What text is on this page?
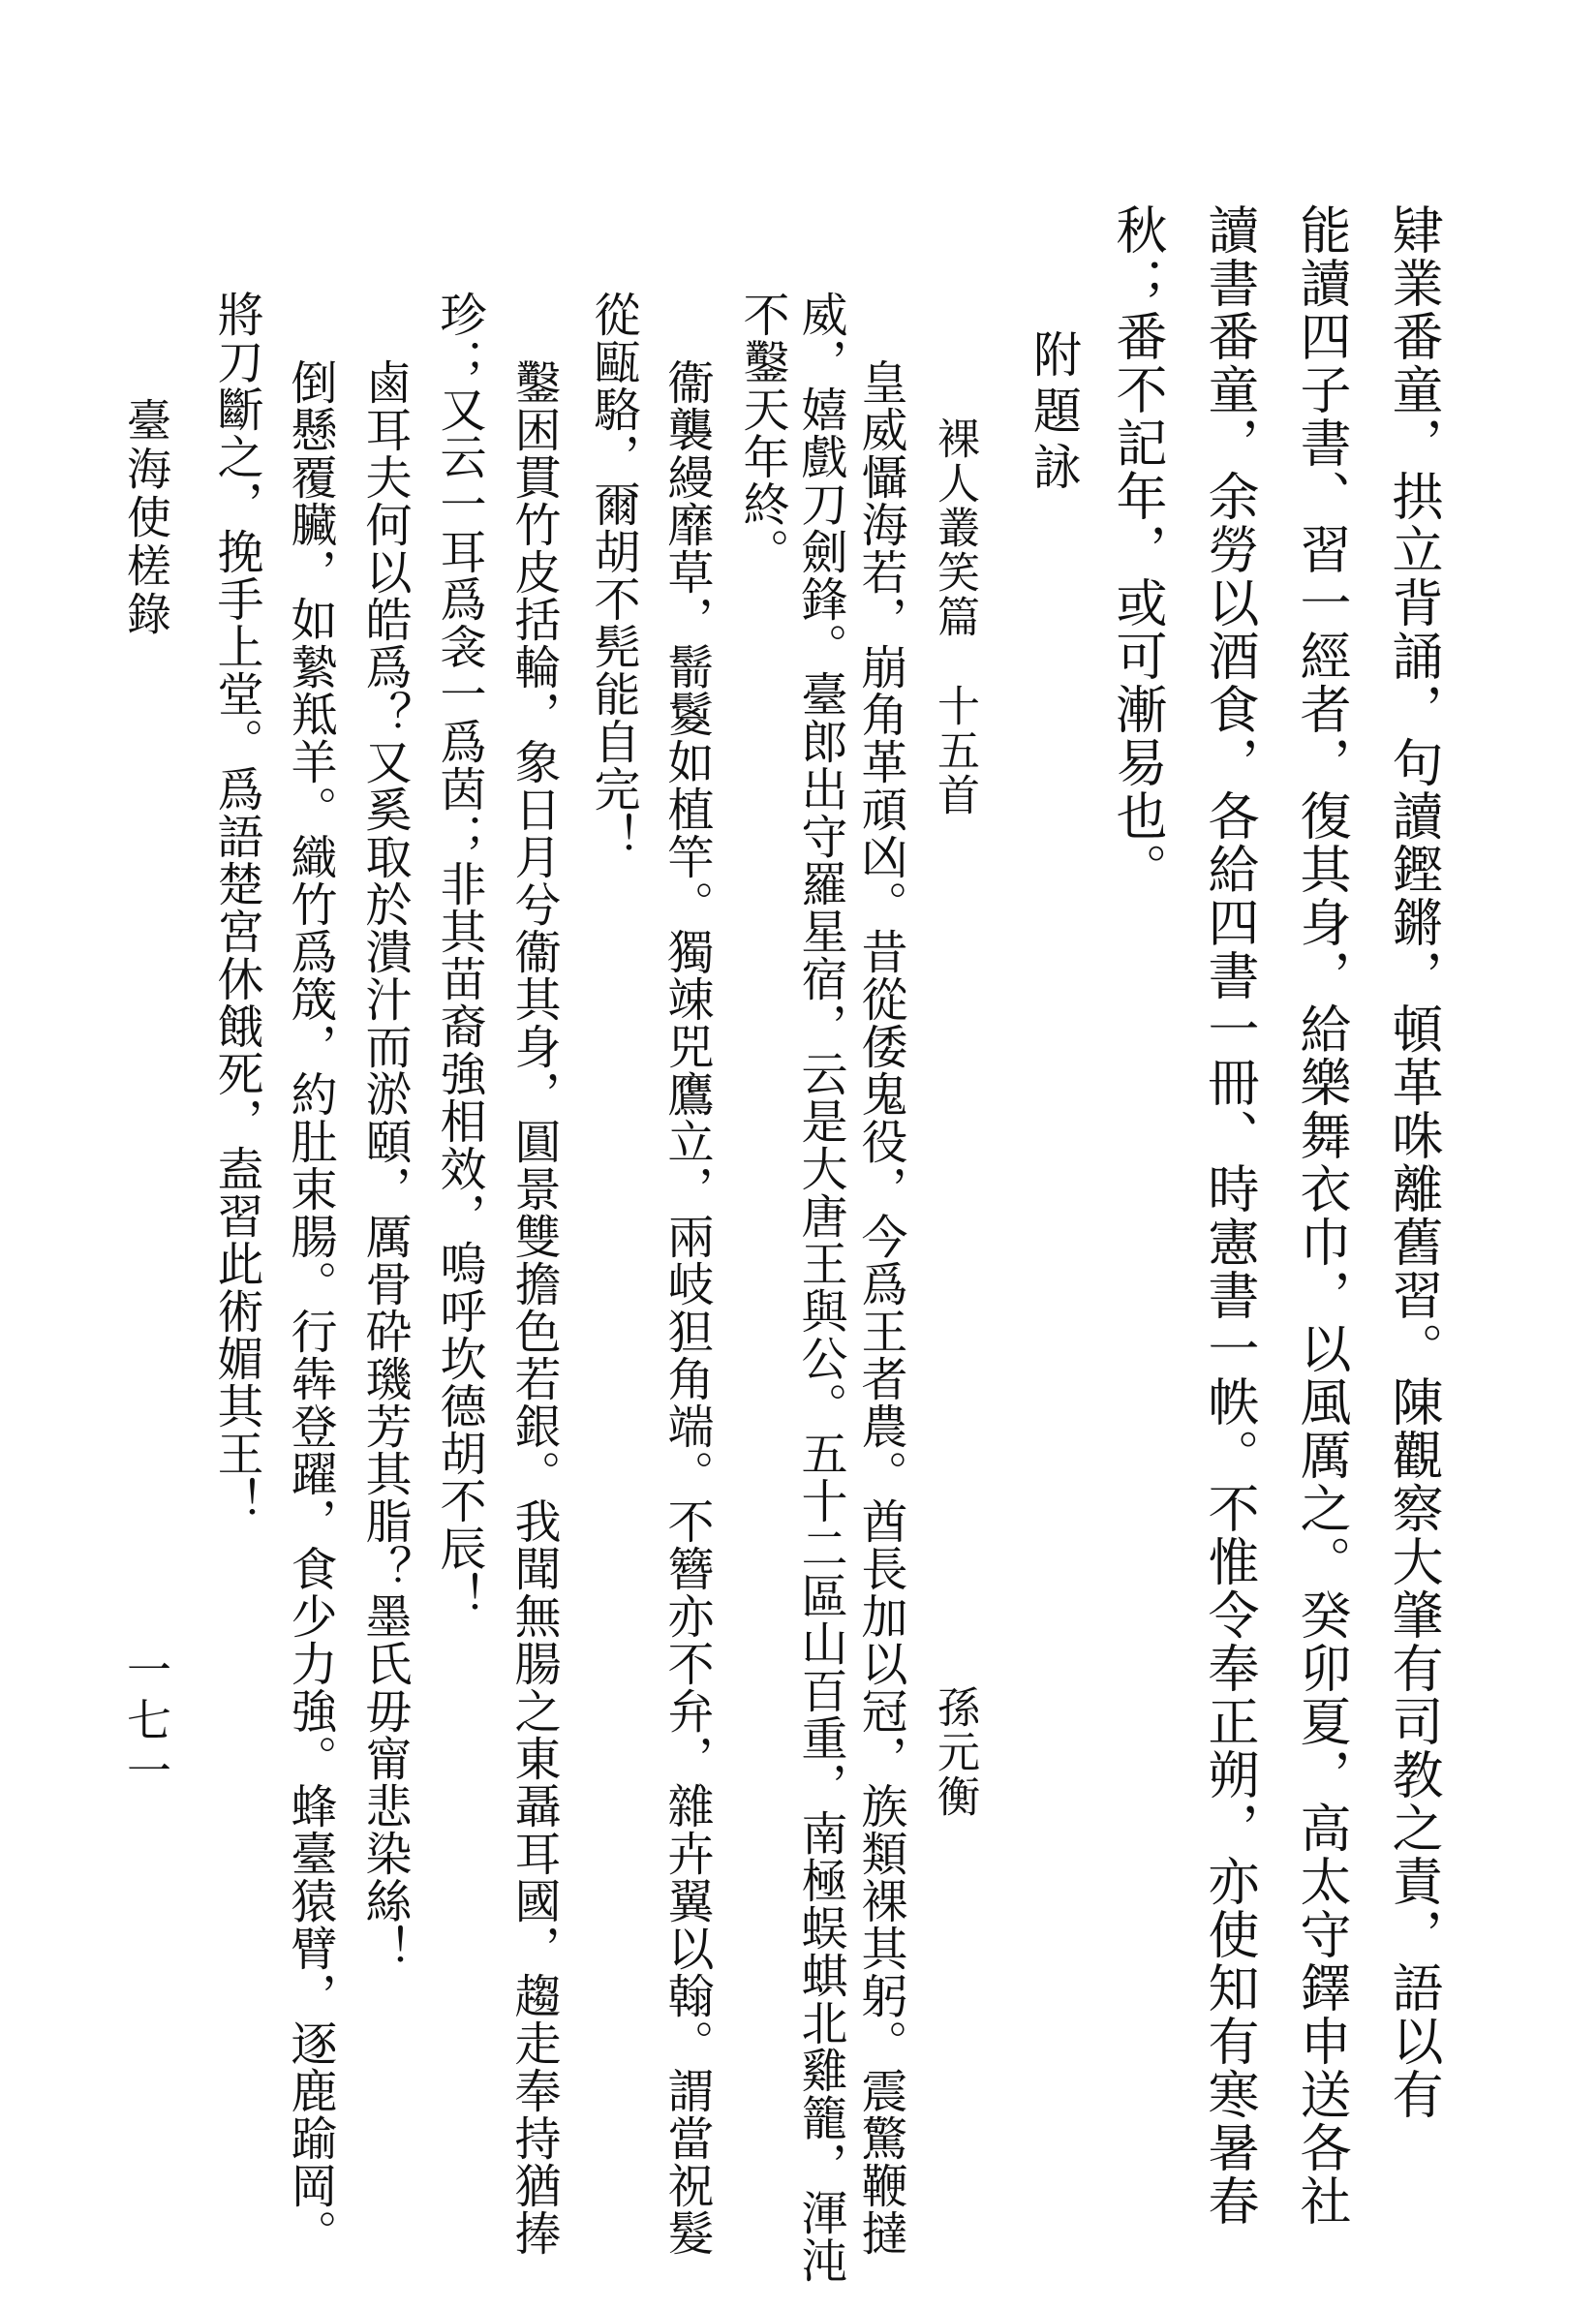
肄業番童，拱立背誦，句讀鏗鏘，頓革咮離舊習。陳觀察大肇有司教之責，語以有
能讀四子書、習一經者，復其身，給樂舞衣巾，以風厲之。癸卯夏，高太守鐸申送各社
讀書番童，余勞以酒食，各給四書一冊、時憲書一帙。不惟令奉正朔，亦使知有寒暑春
秋；番不記年，或可漸易也。
附題詠
裸人叢笑篇　十五首
孫元衡
皇威懾海若，崩角革頑凶。昔從倭鬼役，今爲王者農。酋長加以冠，族類裸其躬。震驚鞭撻
威，嬉戲刀劍鋒。臺郎出守羅星宿，云是大唐王與公。五十二區山百重，南極蜈蜞北雞籠，渾沌
不鑿天年終。
衞襲縵靡草，鬋鬉如植竿。獨竦兕鷹立，兩岐狚角端。不簪亦不弁，雜卉翼以翰。謂當祝髮
從甌駱，爾胡不髡能自完！
鑿困貫竹皮括輪，象日月兮衞其身，圓景雙擔色若銀。我聞無腸之東聶耳國，趨走奉持猶捧
珍；又云一耳爲衾一爲茵；非其苗裔強相效，嗚呼坎德胡不辰！
鹵耳夫何以皓爲？又奚取於潰汁而淤頤，厲骨砕璣芳其脂？墨氏毋甯悲染絲！
倒懸覆臟，如縶羝羊。織竹爲筬，約肚束腸。行犇登躍，食少力強。蜂臺猿臂，逐鹿踰岡。
將刀斷之，挽手上堂。爲語楚宮休餓死，盍習此術媚其王！
臺海使槎錄
一七一
